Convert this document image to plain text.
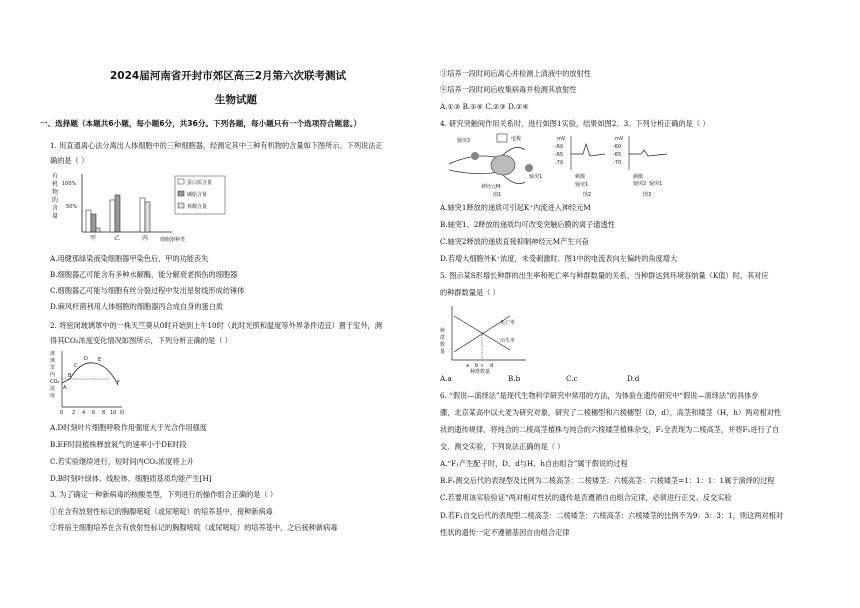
2024届河南省开封市郊区高三2月第六次联考测试
生物试题
一、选择题（本题共6小题，每小题6分，共36分。下列各题，每小题只有一个选项符合题意。）
1. 用直通离心法分离出人体细胞中的三种细胞器，经测定其中三种有机物的含量如下图所示。下列说法正
确的是（ ）
有机物的含量
100%
50%
甲	乙	丙 细胞器种类
蛋白质含量
磷脂含量
核酸含量
A.用健那绿染液染细胞器甲染色后，甲的功能丧失
B.细胞器乙可能含有多种水解酶，能分解衰老损伤的细胞器
C.细胞器乙可能与细胞有丝分裂过程中发出星射线形成纺锤体
D.麻风杆菌利用人体细胞的细胞器丙合成自身的蛋白质
2. 将密闭玻璃罩中的一株天竺葵从0时开始到上午10时（此时光照和温度等外界条件适宜）置于室外，测
得其CO₂浓度变化情况如图所示，下列分析正确的是（ ）
玻璃罩内 CO₂ 浓度
A
B
C
D E
F
0 2 4 6 8 10 时
A.D时刻叶片细胞呼吸作用强度大于光合作用强度
B.EF时段植株释放氧气的速率小于DE时段
C.若实验继续进行，短时间内CO₂浓度将上升
D.B时刻叶绿体、线粒体、细胞质基质均能产生[H]
3. 为了确定一种新病毒的核酸类型，下列进行的操作组合正确的是（ ）
①在含有放射性标记的胸腺嘧啶（或尿嘧啶）的培养基中，接种新病毒
②将宿主细胞培养在含有放射性标记的胸腺嘧啶（或尿嘧啶）的培养基中，之后接种新病毒
③培养一段时间后离心并检测上清液中的放射性
④培养一段时间后收集病毒并检测其放射性
A.①③ B.①④ C.②③ D.②④
4. 研究突触间作用关系时，进行如图1实验，结果如图2、3。下列分析正确的是（ ）
轴突2	电极
轴突1
神经元M
图1
mV
-60
-65
-70
刺激
轴突1
图2
mV
-60
-65
-70
刺激
轴突2 轴突1
图3
A.轴突1释放的递质可引起K⁺内流进入神经元M
B.轴突1、2释放的递质均可改变突触后膜的离子通透性
C.轴突2释放的递质直接抑制神经元M产生兴奋
D.若增大细胞外K⁺浓度，未受刺激时，图1中的电流表向左偏转的角度增大
5. 图示某S形增长种群的出生率和死亡率与种群数量的关系。当种群达到环境容纳量（K值）时，其对应
的种群数量是（ ）
种群数量
死亡率
出生率
a b c d
种群数量
A.a	B.b	C.c	D.d
6. “假说—演绎法”是现代生物科学研究中常用的方法，为体验在遗传研究中“假说—演绎法”的具体步
骤，北京某高中以大麦为研究对象，研究了二棱穗型和六棱穗型（D，d），高茎和矮茎（H，h）两对相对性
状的遗传规律，将纯合的二棱高茎植株与纯合的六棱矮茎植株杂交，F₁全表现为二棱高茎，并将F₁进行了自
交、测交实验，下列说法正确的是（ ）
A.“F₁产生配子时，D、d与H、h自由组合”属于假说的过程
B.F₁测交后代的表现型及比例为二棱高茎：二棱矮茎：六棱高茎：六棱矮茎=1：1：1：1属于演绎的过程
C.若要用该实验验证“两对相对性状的遗传是否遵循自由组合定律，必须进行正交、反交实验
D.若F₁自交后代的表现型二棱高茎：二棱矮茎：六棱高茎：六棱矮茎的比例不为9：3：3：1，则这两对相对
性状的遗传一定不遵循基因自由组合定律
